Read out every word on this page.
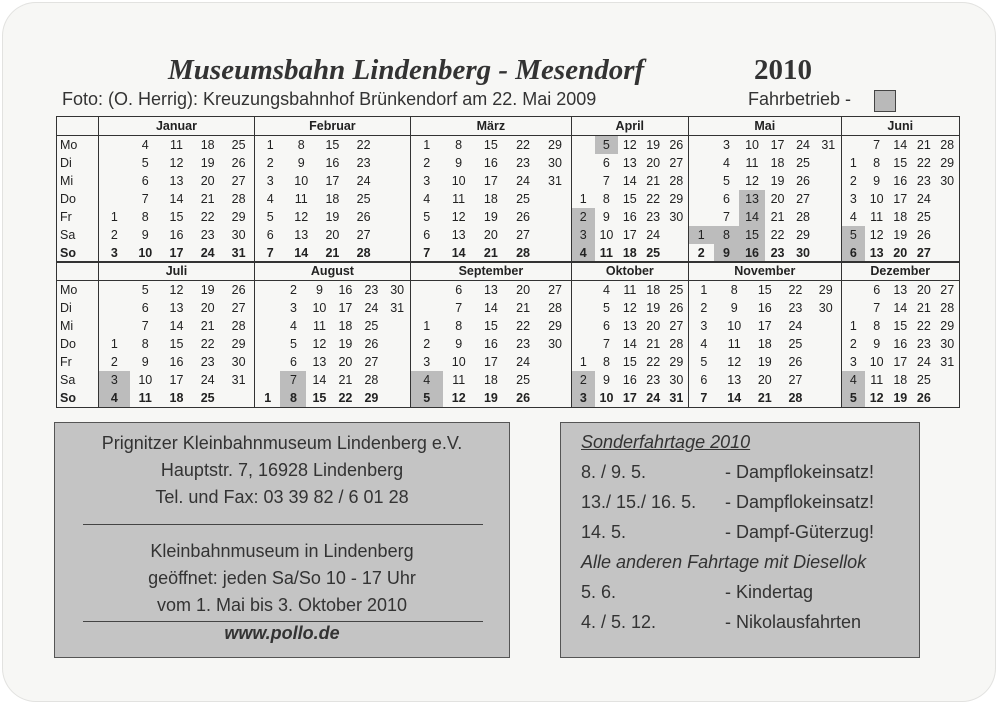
Museumsbahn Lindenberg - Mesendorf	2010
Foto: (O. Herrig): Kreuzungsbahnhof Brünkendorf am 22. Mai 2009	Fahrbetrieb -
	Januar					Februar					März					April					Mai						Juni				
Mo		4	11	18	25	1	8	15	22		1	8	15	22	29		5	12	19	26		3	10	17	24	31		7	14	21	28
Di		5	12	19	26	2	9	16	23		2	9	16	23	30		6	13	20	27		4	11	18	25		1	8	15	22	29
Mi		6	13	20	27	3	10	17	24		3	10	17	24	31		7	14	21	28		5	12	19	26		2	9	16	23	30
Do		7	14	21	28	4	11	18	25		4	11	18	25		1	8	15	22	29		6	13	20	27		3	10	17	24	
Fr	1	8	15	22	29	5	12	19	26		5	12	19	26		2	9	16	23	30		7	14	21	28		4	11	18	25	
Sa	2	9	16	23	30	6	13	20	27		6	13	20	27		3	10	17	24		1	8	15	22	29		5	12	19	26	
So	3	10	17	24	31	7	14	21	28		7	14	21	28		4	11	18	25		2	9	16	23	30		6	13	20	27	
	Juli					August						September					Oktober					November					Dezember				
Mo		5	12	19	26		2	9	16	23	30		6	13	20	27		4	11	18	25	1	8	15	22	29		6	13	20	27
Di		6	13	20	27		3	10	17	24	31		7	14	21	28		5	12	19	26	2	9	16	23	30		7	14	21	28
Mi		7	14	21	28		4	11	18	25		1	8	15	22	29		6	13	20	27	3	10	17	24		1	8	15	22	29
Do	1	8	15	22	29		5	12	19	26		2	9	16	23	30		7	14	21	28	4	11	18	25		2	9	16	23	30
Fr	2	9	16	23	30		6	13	20	27		3	10	17	24		1	8	15	22	29	5	12	19	26		3	10	17	24	31
Sa	3	10	17	24	31		7	14	21	28		4	11	18	25		2	9	16	23	30	6	13	20	27		4	11	18	25	
So	4	11	18	25		1	8	15	22	29		5	12	19	26		3	10	17	24	31	7	14	21	28		5	12	19	26	
Prignitzer Kleinbahnmuseum Lindenberg e.V.
Hauptstr. 7, 16928 Lindenberg
Tel. und Fax: 03 39 82 / 6 01 28
Kleinbahnmuseum in Lindenberg
geöffnet: jeden Sa/So 10 - 17 Uhr
vom 1. Mai bis 3. Oktober 2010
www.pollo.de
Sonderfahrtage 2010
8. / 9. 5.	- Dampflokeinsatz!
13./ 15./ 16. 5. - Dampflokeinsatz!
14. 5.	- Dampf-Güterzug!
Alle anderen Fahrtage mit Diesellok
5. 6.	- Kindertag
4. / 5. 12.	- Nikolausfahrten
